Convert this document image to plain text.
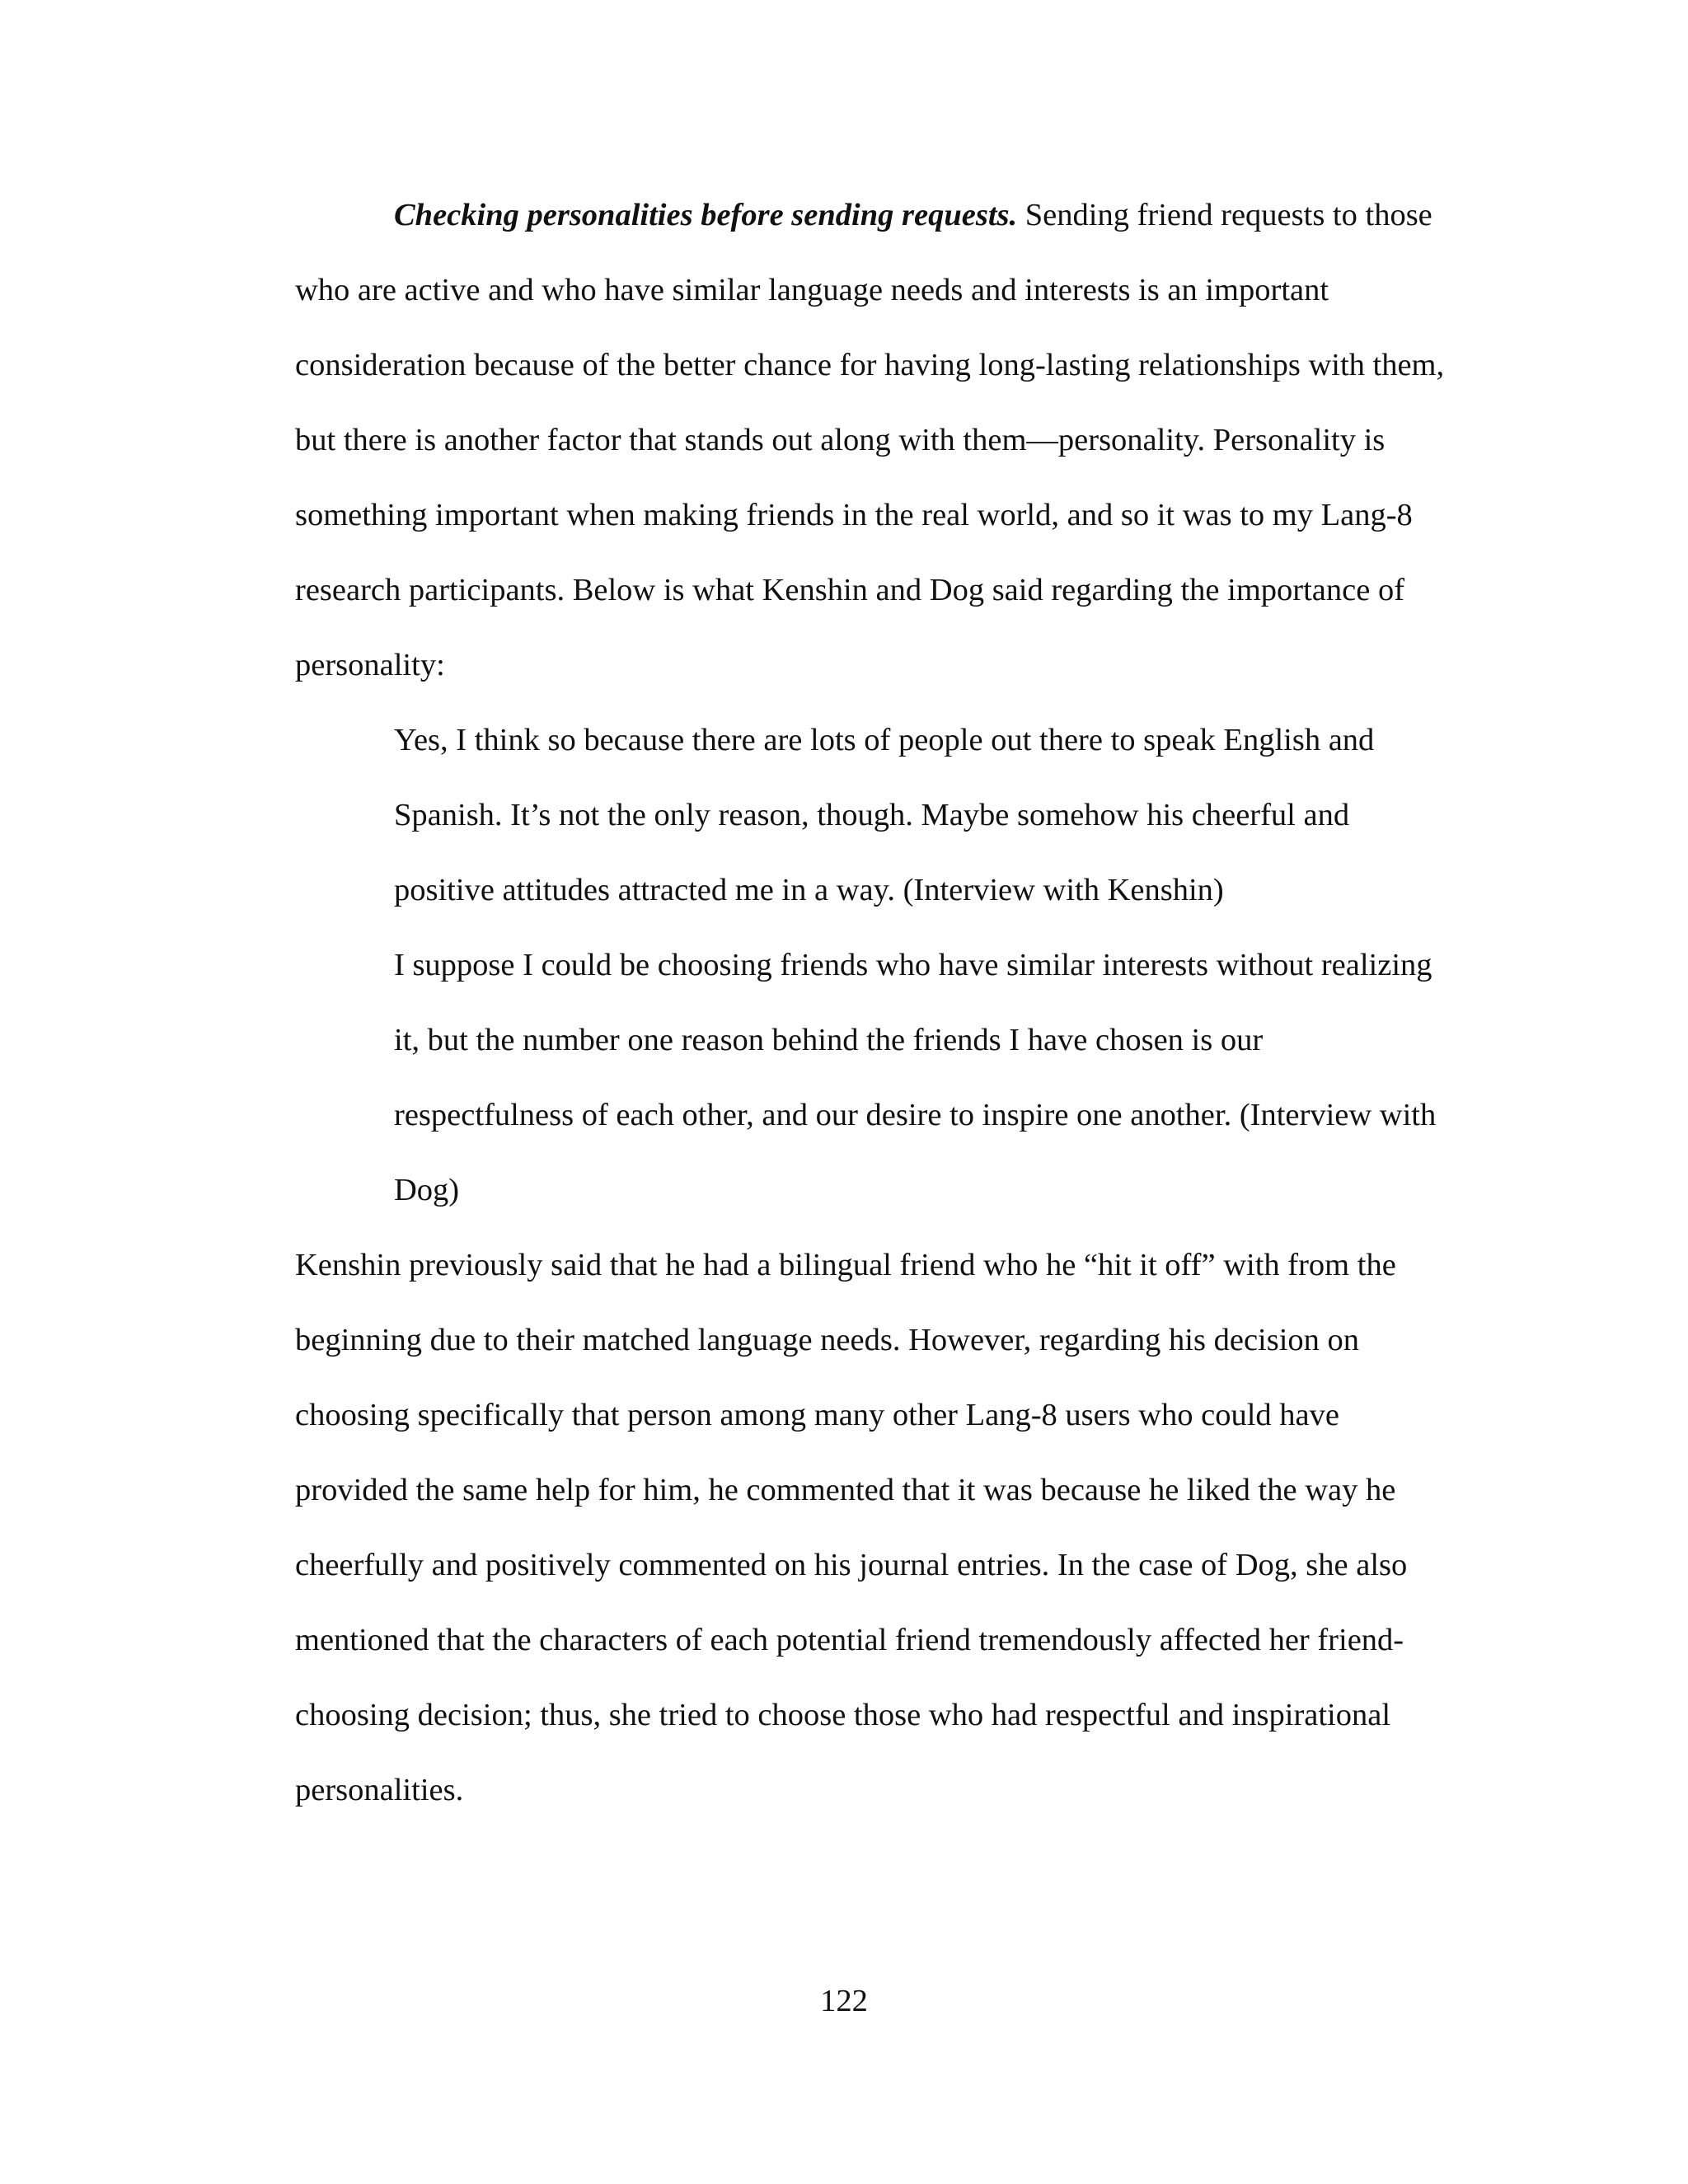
Checking personalities before sending requests. Sending friend requests to those
who are active and who have similar language needs and interests is an important
consideration because of the better chance for having long-lasting relationships with them,
but there is another factor that stands out along with them—personality. Personality is
something important when making friends in the real world, and so it was to my Lang-8
research participants. Below is what Kenshin and Dog said regarding the importance of
personality:
Yes, I think so because there are lots of people out there to speak English and
Spanish. It’s not the only reason, though. Maybe somehow his cheerful and
positive attitudes attracted me in a way. (Interview with Kenshin)
I suppose I could be choosing friends who have similar interests without realizing
it, but the number one reason behind the friends I have chosen is our
respectfulness of each other, and our desire to inspire one another. (Interview with
Dog)
Kenshin previously said that he had a bilingual friend who he “hit it off” with from the
beginning due to their matched language needs. However, regarding his decision on
choosing specifically that person among many other Lang-8 users who could have
provided the same help for him, he commented that it was because he liked the way he
cheerfully and positively commented on his journal entries. In the case of Dog, she also
mentioned that the characters of each potential friend tremendously affected her friend-
choosing decision; thus, she tried to choose those who had respectful and inspirational
personalities.
122
